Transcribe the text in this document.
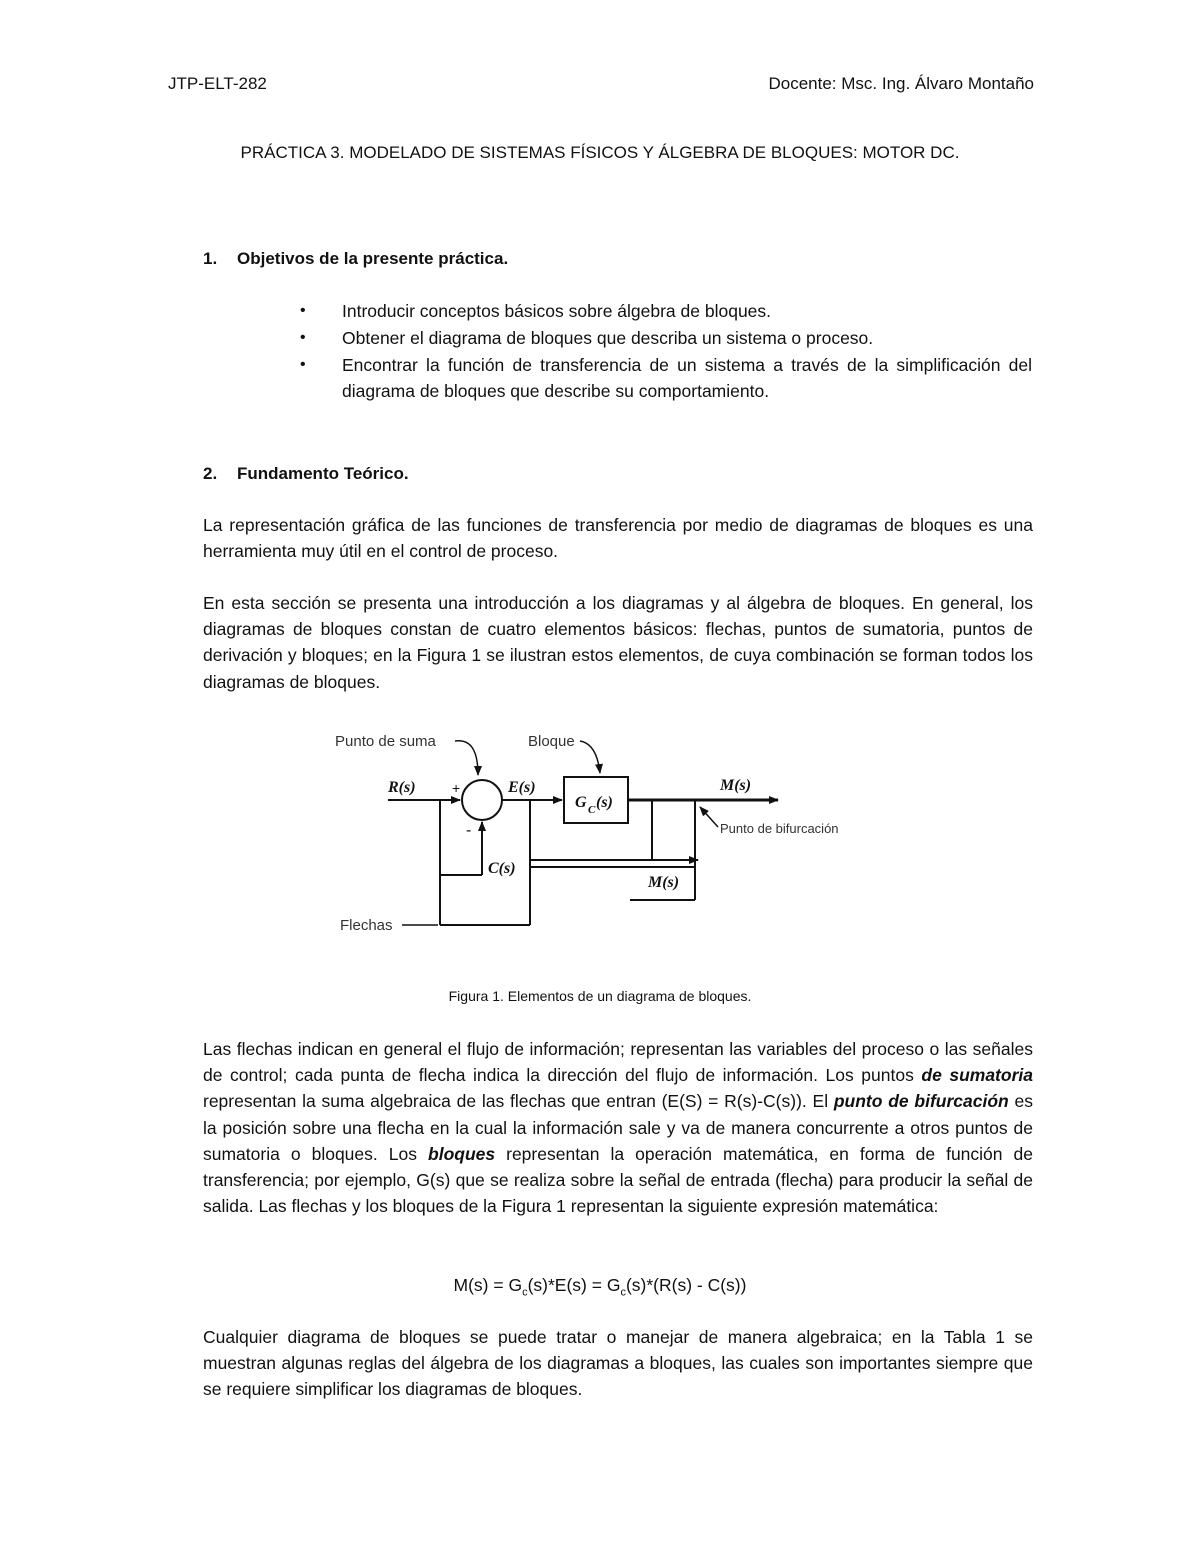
JTP-ELT-282	Docente: Msc. Ing. Álvaro Montaño
PRÁCTICA 3. MODELADO DE SISTEMAS FÍSICOS Y ÁLGEBRA DE BLOQUES: MOTOR DC.
1. Objetivos de la presente práctica.
•	Introducir conceptos básicos sobre álgebra de bloques.
•	Obtener el diagrama de bloques que describa un sistema o proceso.
•	Encontrar la función de transferencia de un sistema a través de la simplificación del diagrama de bloques que describe su comportamiento.
2. Fundamento Teórico.
La representación gráfica de las funciones de transferencia por medio de diagramas de bloques es una herramienta muy útil en el control de proceso.
En esta sección se presenta una introducción a los diagramas y al álgebra de bloques. En general, los diagramas de bloques constan de cuatro elementos básicos: flechas, puntos de sumatoria, puntos de derivación y bloques; en la Figura 1 se ilustran estos elementos, de cuya combinación se forman todos los diagramas de bloques.
Punto de suma	Bloque
Punto de bifurcación
Flechas
+
-
R(s)	E(s)
G C (s)
M(s)
C(s)
M(s)
Figura 1. Elementos de un diagrama de bloques.
Las flechas indican en general el flujo de información; representan las variables del proceso o las señales de control; cada punta de flecha indica la dirección del flujo de información. Los puntos de sumatoria representan la suma algebraica de las flechas que entran (E(S) = R(s)-C(s)). El punto de bifurcación es la posición sobre una flecha en la cual la información sale y va de manera concurrente a otros puntos de sumatoria o bloques. Los bloques representan la operación matemática, en forma de función de transferencia; por ejemplo, G(s) que se realiza sobre la señal de entrada (flecha) para producir la señal de salida. Las flechas y los bloques de la Figura 1 representan la siguiente expresión matemática:
$M(s) = G_c(s)*E(s) = G_c(s)*(R(s) - C(s))$
Cualquier diagrama de bloques se puede tratar o manejar de manera algebraica; en la Tabla 1 se muestran algunas reglas del álgebra de los diagramas a bloques, las cuales son importantes siempre que se requiere simplificar los diagramas de bloques.
